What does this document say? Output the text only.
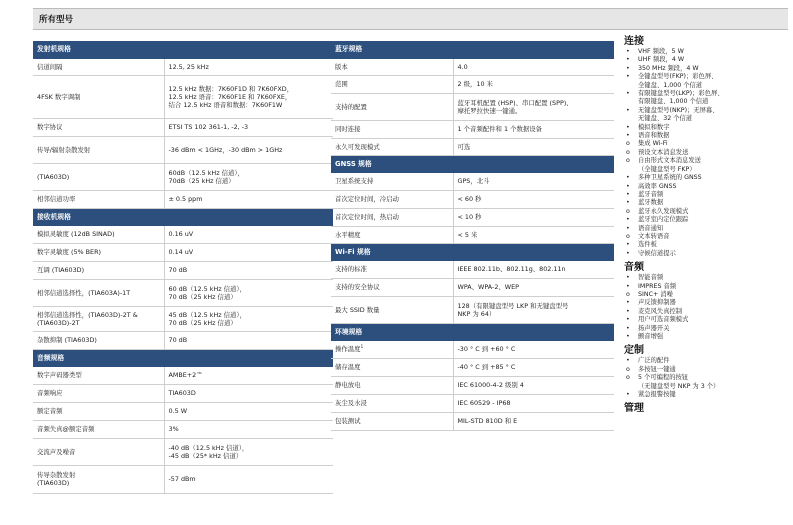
所有型号
发射机规格	
信道间隔	12.5, 25 kHz
4FSK 数字调制	12.5 kHz 数据：7K60F1D 和 7K60FXD，
12.5 kHz 语音：7K60F1E 和 7K60FXE，
结合 12.5 kHz 语音和数据：7K60F1W
数字协议	ETSI TS 102 361-1, -2, -3
传导/辐射杂散发射	-36 dBm < 1GHz，-30 dBm > 1GHz
(TIA603D)	60dB（12.5 kHz 信道），
70dB（25 kHz 信道）
相邻信道功率	± 0.5 ppm
接收机规格	
模拟灵敏度 (12dB SINAD)	0.16 uV
数字灵敏度 (5% BER)	0.14 uV
互调 (TIA603D)	70 dB
相邻信道选择性，(TIA603A)-1T	60 dB（12.5 kHz 信道），
70 dB（25 kHz 信道）
相邻信道选择性，(TIA603D)-2T &
(TIA603D)-2T	45 dB（12.5 kHz 信道），
70 dB（25 kHz 信道）
杂散抑制 (TIA603D)	70 dB
音频规格	
数字声码器类型	AMBE+2™
音频响应	TIA603D
额定音频	0.5 W
音频失真@额定音频	3%
交流声及噪音	-40 dB（12.5 kHz 信道），
-45 dB（25* kHz 信道）
传导杂散发射
(TIA603D)	-57 dBm
蓝牙规格	
版本	4.0
范围	2 级，10 米
支持的配置	蓝牙耳机配置 (HSP)、串口配置 (SPP)、
摩托罗拉快速一键通。
同时连接	1 个音频配件和 1 个数据设备
永久可发现模式	可选
GNSS 规格	
卫星系统支持	GPS，北斗
首次定位时间，冷启动	< 60 秒
首次定位时间，热启动	< 10 秒
水平精度	< 5 米
Wi-Fi 规格	
支持的标准	IEEE 802.11b、802.11g、802.11n
支持的安全协议	WPA、WPA-2、WEP
最大 SSID 数量	128（有限键盘型号 LKP 和无键盘型号
NKP 为 64）
环境规格	
操作温度$^1$	-30 ° C 到 +60 ° C
储存温度	-40 ° C 到 +85 ° C
静电放电	IEC 61000-4-2 级别 4
灰尘及水浸	IEC 60529 - IP68
包装测试	MIL-STD 810D 和 E
连接
• VHF 频段，5 W
• UHF 频段，4 W
• 350 MHz 频段，4 W
• 全键盘型号(FKP)；彩色屏、
全键盘、1,000 个信道
• 有限键盘型号(LKP)；彩色屏、
有限键盘、1,000 个信道
• 无键盘型号(NKP)；无屏幕、
无键盘、32 个信道
• 模拟和数字
• 语音和数据
o 集成 Wi-Fi
o 预设文本消息发送
o 自由形式文本消息发送
（全键盘型号 FKP）
• 多种卫星系统的 GNSS
• 高效率 GNSS
• 蓝牙音频
• 蓝牙数据
o 蓝牙永久发现模式
• 蓝牙室内定位跟踪
• 语音通知
o 文本转语音
• 选件板
• 守候信道提示
音频
• 智能音频
• IMPRES 音频
o SINC+ 消噪
• 声反馈抑制器
• 麦克风失真控制
• 用户可选音频模式
• 扬声器开关
• 颤音增强
定制
• 广泛的配件
o 多按钮一键通
o 5 个可编程的按钮
（无键盘型号 NKP 为 3 个）
• 紧急报警按键
管理
